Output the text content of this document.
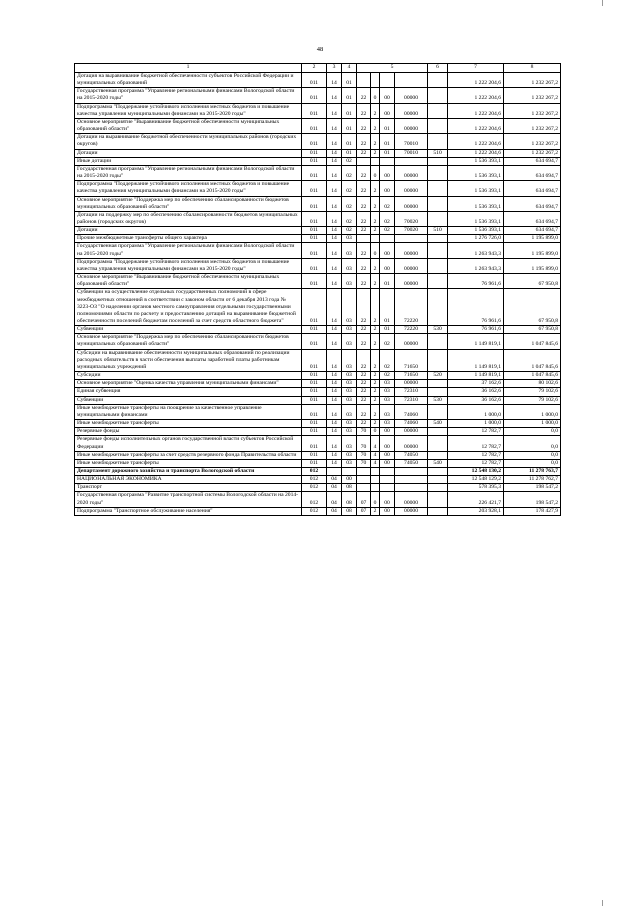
48
1	2	3	4	5				6	7	8
Дотация на выравнивание бюджетной обеспеченности субъектов Российской Федерации и муниципальных образований	011	14	01						1 222 204,6	1 232 267,2
Государственная программа "Управление региональными финансами Вологодской области на 2015-2020 годы"	011	14	01	22	0	00	00000		1 222 204,6	1 232 267,2
Подпрограмма "Поддержание устойчивого исполнения местных бюджетов и повышение качества управления муниципальными финансами на 2015-2020 годы"	011	14	01	22	2	00	00000		1 222 204,6	1 232 267,2
Основное мероприятие "Выравнивание бюджетной обеспеченности муниципальных образований области"	011	14	01	22	2	01	00000		1 222 204,6	1 232 267,2
Дотации на выравнивание бюджетной обеспеченности муниципальных районов (городских округов)	011	14	01	22	2	01	70010		1 222 204,6	1 232 267,2
Дотации	011	14	01	22	2	01	70010	510	1 222 204,6	1 232 267,2
Иные дотации	011	14	02						1 536 393,1	634 694,7
Государственная программа "Управление региональными финансами Вологодской области на 2015-2020 годы"	011	14	02	22	0	00	00000		1 536 393,1	634 694,7
Подпрограмма "Поддержание устойчивого исполнения местных бюджетов и повышение качества управления муниципальными финансами на 2015-2020 годы"	011	14	02	22	2	00	00000		1 536 393,1	634 694,7
Основное мероприятие "Поддержка мер по обеспечению сбалансированности бюджетов муниципальных образований области"	011	14	02	22	2	02	00000		1 536 393,1	634 694,7
Дотации на поддержку мер по обеспечению сбалансированности бюджетов муниципальных районов (городских округов)	011	14	02	22	2	02	70020		1 536 393,1	634 694,7
Дотации	011	14	02	22	2	02	70020	510	1 536 393,1	634 694,7
Прочие межбюджетные трансферты общего характера	011	14	03						1 276 726,0	1 195 899,0
Государственная программа "Управление региональными финансами Вологодской области на 2015-2020 годы"	011	14	03	22	0	00	00000		1 263 943,3	1 195 899,0
Подпрограмма "Поддержание устойчивого исполнения местных бюджетов и повышение качества управления муниципальными финансами на 2015-2020 годы"	011	14	03	22	2	00	00000		1 263 943,3	1 195 899,0
Основное мероприятие "Выравнивание бюджетной обеспеченности муниципальных образований области"	011	14	03	22	2	01	00000		76 961,6	67 950,8
Субвенции на осуществление отдельных государственных полномочий в сфере межбюджетных отношений в соответствии с законом области от 6 декабря 2013 года № 3223-ОЗ "О наделении органов местного самоуправления отдельными государственными полномочиями области по расчету и предоставлению дотаций на выравнивание бюджетной обеспеченности поселений бюджетам поселений за счет средств областного бюджета"	011	14	03	22	2	01	72220		76 961,6	67 950,8
Субвенции	011	14	03	22	2	01	72220	530	76 961,6	67 950,8
Основное мероприятие "Поддержка мер по обеспечению сбалансированности бюджетов муниципальных образований области"	011	14	03	22	2	02	00000		1 149 819,1	1 047 845,6
Субсидии на выравнивание обеспеченности муниципальных образований по реализации расходных обязательств в части обеспечения выплаты заработной платы работникам муниципальных учреждений	011	14	03	22	2	02	71650		1 149 819,1	1 047 845,6
Субсидии	011	14	03	22	2	02	71650	520	1 149 819,1	1 047 845,6
Основное мероприятие "Оценка качества управления муниципальными финансами"	011	14	03	22	2	03	00000		37 162,6	80 102,6
Единая субвенция	011	14	03	22	2	03	72310		36 162,6	79 102,6
Субвенции	011	14	03	22	2	03	72310	530	36 162,6	79 102,6
Иные межбюджетные трансферты на поощрение за качественное управление муниципальными финансами	011	14	03	22	2	03	74060		1 000,0	1 000,0
Иные межбюджетные трансферты	011	14	03	22	2	03	74060	540	1 000,0	1 000,0
Резервные фонды	011	14	03	70	0	00	00000		12 782,7	0,0
Резервные фонды исполнительных органов государственной власти субъектов Российской Федерации	011	14	03	70	4	00	00000		12 782,7	0,0
Иные межбюджетные трансферты за счет средств резервного фонда Правительства области	011	14	03	70	4	00	74050		12 782,7	0,0
Иные межбюджетные трансферты	011	14	03	70	4	00	74050	540	12 782,7	0,0
Департамент дорожного хозяйства и транспорта Вологодской области	012								12 548 130,2	11 278 763,7
НАЦИОНАЛЬНАЯ ЭКОНОМИКА	012	04	00						12 548 129,2	11 278 762,7
Транспорт	012	04	08						578 395,3	198 547,2
Государственная программа "Развитие транспортной системы Вологодской области на 2014-2020 годы"	012	04	08	07	0	00	00000		226 421,7	198 547,2
Подпрограмма "Транспортное обслуживание населения"	012	04	08	07	2	00	00000		203 928,1	178 427,9
